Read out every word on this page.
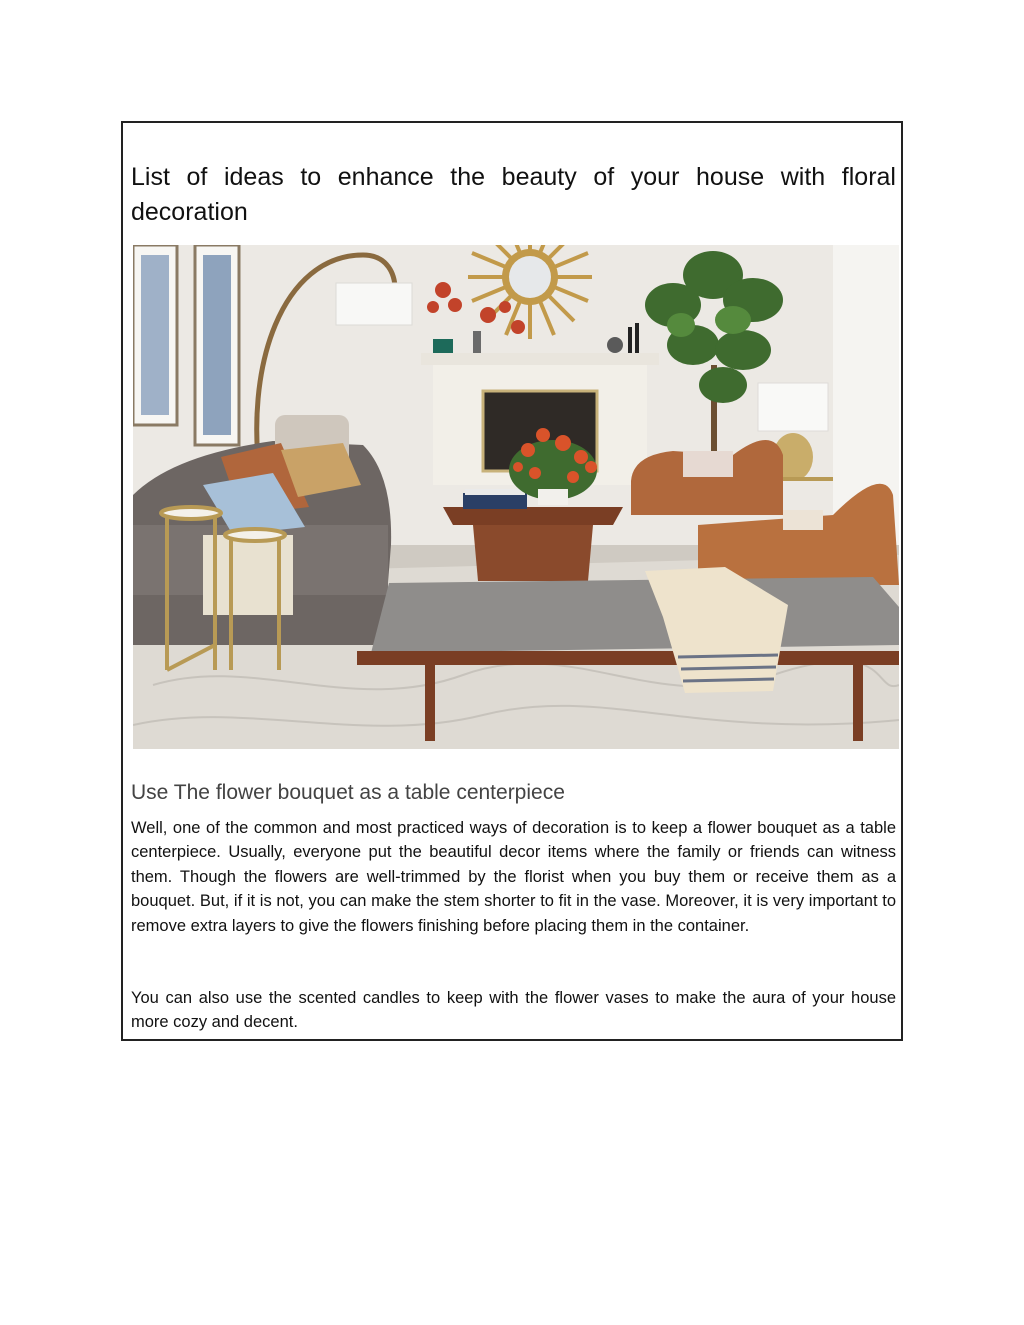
List of ideas to enhance the beauty of your house with floral decoration
Use The flower bouquet as a table centerpiece

Well, one of the common and most practiced ways of decoration is to keep a flower bouquet as a table centerpiece. Usually, everyone put the beautiful decor items where the family or friends can witness them. Though the flowers are well-trimmed by the florist when you buy them or receive them as a bouquet. But, if it is not, you can make the stem shorter to fit in the vase. Moreover, it is very important to remove extra layers to give the flowers finishing before placing them in the container.

You can also use the scented candles to keep with the flower vases to make the aura of your house more cozy and decent.
